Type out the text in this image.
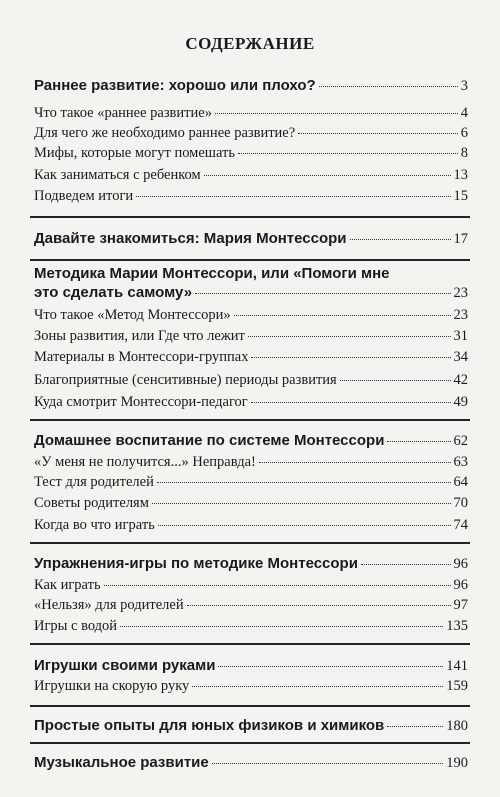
СОДЕРЖАНИЕ
Раннее развитие: хорошо или плохо?	3
Что такое «раннее развитие»	4
Для чего же необходимо раннее развитие?	6
Мифы, которые могут помешать	8
Как заниматься с ребенком	13
Подведем итоги	15
Давайте знакомиться: Мария Монтессори	17
Методика Марии Монтессори, или «Помоги мне
это сделать самому»	23
Что такое «Метод Монтессори»	23
Зоны развития, или Где что лежит	31
Материалы в Монтессори-группах	34
Благоприятные (сенситивные) периоды развития	42
Куда смотрит Монтессори-педагог	49
Домашнее воспитание по системе Монтессори	62
«У меня не получится...» Неправда!	63
Тест для родителей	64
Советы родителям	70
Когда во что играть	74
Упражнения-игры по методике Монтессори	96
Как играть	96
«Нельзя» для родителей	97
Игры с водой	135
Игрушки своими руками	141
Игрушки на скорую руку	159
Простые опыты для юных физиков и химиков	180
Музыкальное развитие	190
